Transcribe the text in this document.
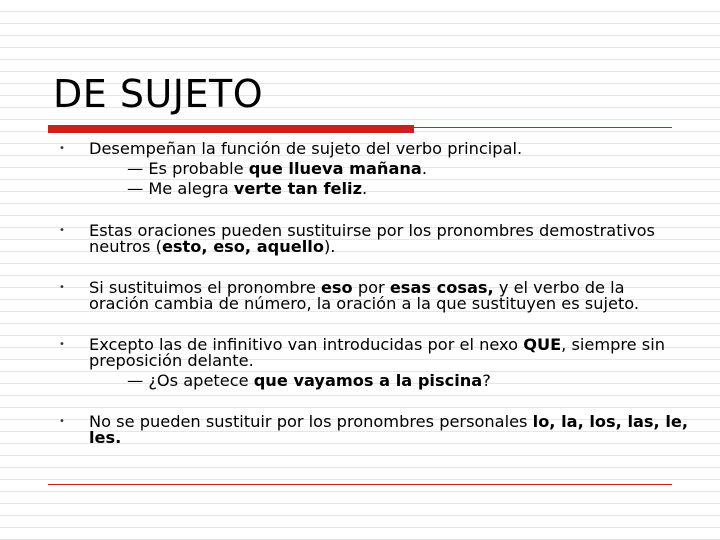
DE SUJETO
• Desempeñan la función de sujeto del verbo principal.
— Es probable que llueva mañana.
— Me alegra verte tan feliz.
• Estas oraciones pueden sustituirse por los pronombres demostrativos neutros (esto, eso, aquello).
• Si sustituimos el pronombre eso por esas cosas, y el verbo de la oración cambia de número, la oración a la que sustituyen es sujeto.
• Excepto las de infinitivo van introducidas por el nexo QUE, siempre sin preposición delante.
— ¿Os apetece que vayamos a la piscina?
• No se pueden sustituir por los pronombres personales lo, la, los, las, le, les.
